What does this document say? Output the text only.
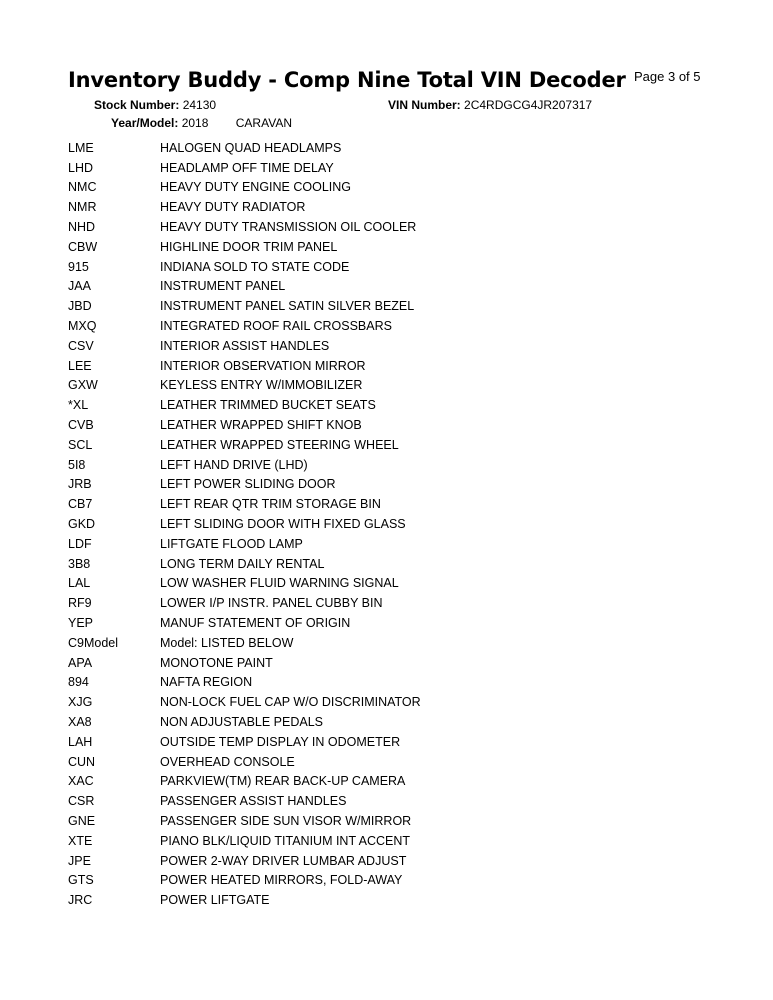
Inventory Buddy - Comp Nine Total VIN Decoder Page 3 of 5
Stock Number: 24130	VIN Number: 2C4RDGCG4JR207317
Year/Model: 2018 CARAVAN
LME	HALOGEN QUAD HEADLAMPS
LHD	HEADLAMP OFF TIME DELAY
NMC	HEAVY DUTY ENGINE COOLING
NMR	HEAVY DUTY RADIATOR
NHD	HEAVY DUTY TRANSMISSION OIL COOLER
CBW	HIGHLINE DOOR TRIM PANEL
915	INDIANA SOLD TO STATE CODE
JAA	INSTRUMENT PANEL
JBD	INSTRUMENT PANEL SATIN SILVER BEZEL
MXQ	INTEGRATED ROOF RAIL CROSSBARS
CSV	INTERIOR ASSIST HANDLES
LEE	INTERIOR OBSERVATION MIRROR
GXW	KEYLESS ENTRY W/IMMOBILIZER
*XL	LEATHER TRIMMED BUCKET SEATS
CVB	LEATHER WRAPPED SHIFT KNOB
SCL	LEATHER WRAPPED STEERING WHEEL
5I8	LEFT HAND DRIVE (LHD)
JRB	LEFT POWER SLIDING DOOR
CB7	LEFT REAR QTR TRIM STORAGE BIN
GKD	LEFT SLIDING DOOR WITH FIXED GLASS
LDF	LIFTGATE FLOOD LAMP
3B8	LONG TERM DAILY RENTAL
LAL	LOW WASHER FLUID WARNING SIGNAL
RF9	LOWER I/P INSTR. PANEL CUBBY BIN
YEP	MANUF STATEMENT OF ORIGIN
C9Model	Model: LISTED BELOW
APA	MONOTONE PAINT
894	NAFTA REGION
XJG	NON-LOCK FUEL CAP W/O DISCRIMINATOR
XA8	NON ADJUSTABLE PEDALS
LAH	OUTSIDE TEMP DISPLAY IN ODOMETER
CUN	OVERHEAD CONSOLE
XAC	PARKVIEW(TM) REAR BACK-UP CAMERA
CSR	PASSENGER ASSIST HANDLES
GNE	PASSENGER SIDE SUN VISOR W/MIRROR
XTE	PIANO BLK/LIQUID TITANIUM INT ACCENT
JPE	POWER 2-WAY DRIVER LUMBAR ADJUST
GTS	POWER HEATED MIRRORS, FOLD-AWAY
JRC	POWER LIFTGATE
